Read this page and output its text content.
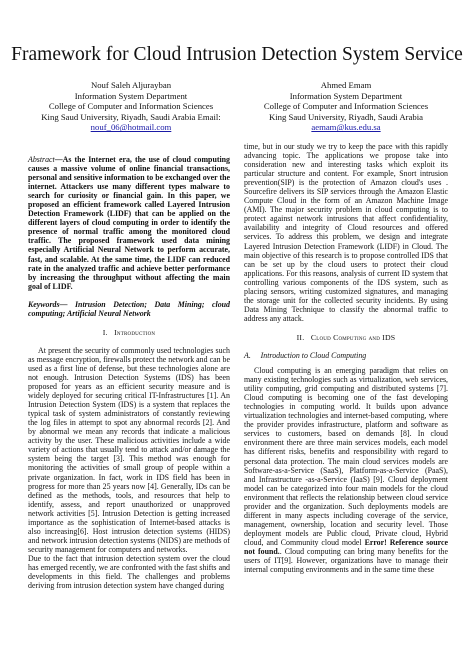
Framework for Cloud Intrusion Detection System Service
Nouf Saleh Aljurayban
Information System Department
College of Computer and Information Sciences
King Saud University, Riyadh, Saudi Arabia Email:
nouf_06@hotmail.com
Ahmed Emam
Information System Department
College of Computer and Information Sciences
King Saud University, Riyadh, Saudi Arabia
aemam@kus.edu.sa

Abstract—As the Internet era, the use of cloud computing causes a massive volume of online financial transactions, personal and sensitive information to be exchanged over the internet. Attackers use many different types malware to search for curiosity or financial gain. In this paper, we proposed an efficient framework called Layered Intrusion Detection Framework (LIDF) that can be applied on the different layers of cloud computing in order to identify the presence of normal traffic among the monitored cloud traffic. The proposed framework used data mining especially Artificial Neural Network to perform accurate, fast, and scalable. At the same time, the LIDF can reduced rate in the analyzed traffic and achieve better performance by increasing the throughput without affecting the main goal of LIDF.

Keywords— Intrusion Detection; Data Mining; cloud computing; Artificial Neural Network

I. Introduction

At present the security of commonly used technologies such as message encryption, firewalls protect the network and can be used as a first line of defense, but these technologies alone are not enough. Intrusion Detection Systems (IDS) has been proposed for years as an efficient security measure and is widely deployed for securing critical IT-Infrastructures [1]. An Intrusion Detection System (IDS) is a system that replaces the typical task of system administrators of constantly reviewing the log files in attempt to spot any abnormal records [2]. And by abnormal we mean any records that indicate a malicious activity by the user. These malicious activities include a wide variety of actions that usually tend to attack and/or damage the system being the target [3]. This method was enough for monitoring the activities of small group of people within a private organization. In fact, work in IDS field has been in progress for more than 25 years now [4]. Generally, IDs can be defined as the methods, tools, and resources that help to identify, assess, and report unauthorized or unapproved network activities [5]. Intrusion Detection is getting increased importance as the sophistication of Internet-based attacks is also increasing[6]. Host intrusion detection systems (HIDS) and network intrusion detection systems (NIDS) are methods of security management for computers and networks.

Due to the fact that intrusion detection system over the cloud has emerged recently, we are confronted with the fast shifts and developments in this field. The challenges and problems deriving from intrusion detection system have changed during

time, but in our study we try to keep the pace with this rapidly advancing topic. The applications we propose take into consideration new and interesting tasks which exploit its particular structure and content. For example, Snort intrusion prevention(SIP) is the protection of Amazon cloud's uses . Sourcefire delivers its SIP services through the Amazon Elastic Compute Cloud in the form of an Amazon Machine Image (AMI). The major security problem in cloud computing is to protect against network intrusions that affect confidentiality, availability and integrity of Cloud resources and offered services. To address this problem, we design and integrate Layered Intrusion Detection Framework (LIDF) in Cloud. The main objective of this research is to propose controlled IDS that can be set up by the cloud users to protect their cloud applications. For this reasons, analysis of current ID system that controlling various components of the IDS system, such as placing sensors, writing customized signatures, and managing the storage unit for the collected security incidents. By using Data Mining Technique to classify the abnormal traffic to address any attack.

II. Cloud Computing and IDS

A. Introduction to Cloud Computing

Cloud computing is an emerging paradigm that relies on many existing technologies such as virtualization, web services, utility computing, grid computing and distributed systems [7]. Cloud computing is becoming one of the fast developing technologies in computing world. It builds upon advance virtualization technologies and internet-based computing, where the provider provides infrastructure, platform and software as services to customers, based on demands [8]. In cloud environment there are three main services models, each model has different risks, benefits and responsibility with regard to personal data protection. The main cloud services models are Software-as-a-Service (SaaS), Platform-as-a-Service (PaaS), and Infrastructure -as-a-Service (IaaS) [9]. Cloud deployment model can be categorized into four main models for the cloud environment that reflects the relationship between cloud service provider and the organization. Such deployments models are different in many aspects including coverage of the service, management, ownership, location and security level. Those deployment models are Public cloud, Private cloud, Hybrid cloud, and Community cloud model Error! Reference source not found.. Cloud computing can bring many benefits for the users of IT[9]. However, organizations have to manage their internal computing environments and in the same time these
